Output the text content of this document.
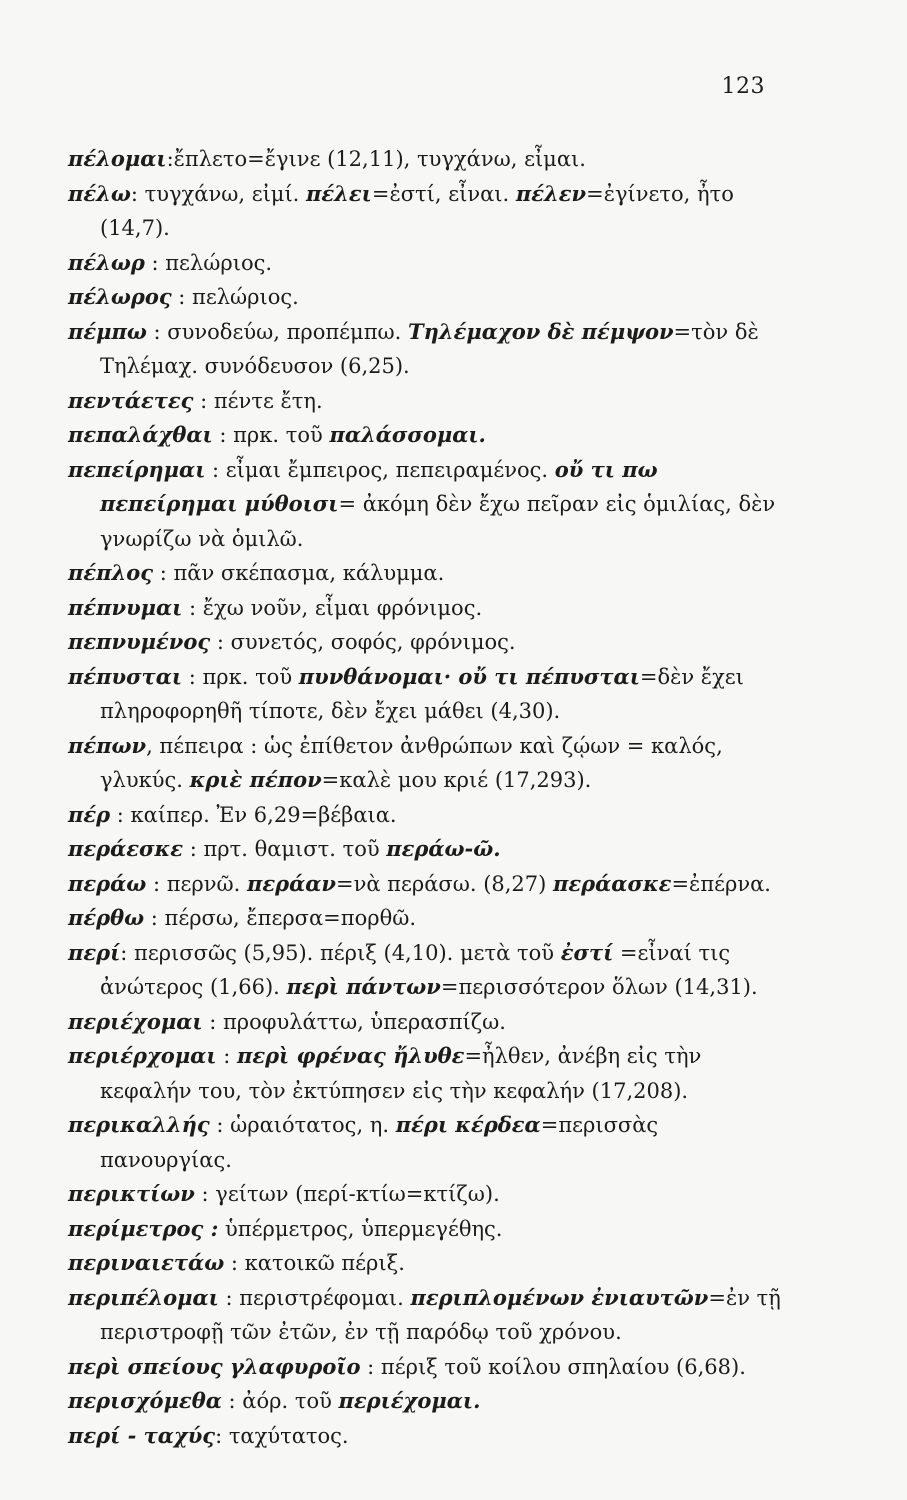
123

πέλομαι:ἔπλετο=ἔγινε (12,11), τυγχάνω, εἶμαι.

πέλω: τυγχάνω, εἰμί. πέλει=ἐστί, εἶναι. πέλεν=ἐγίνετο, ἦτο (14,7).

πέλωρ : πελώριος.

πέλωρος : πελώριος.

πέμπω : συνοδεύω, προπέμπω. Τηλέμαχον δὲ πέμψον=τὸν δὲ Τηλέμαχ. συνόδευσον (6,25).

πεντάετες : πέντε ἔτη.

πεπαλάχθαι : πρκ. τοῦ παλάσσομαι.

πεπείρημαι : εἶμαι ἔμπειρος, πεπειραμένος. οὔ τι πω πεπείρημαι μύθοισι= ἀκόμη δὲν ἔχω πεῖραν εἰς ὁμιλίας, δὲν γνωρίζω νὰ ὁμιλῶ.

πέπλος : πᾶν σκέπασμα, κάλυμμα.

πέπνυμαι : ἔχω νοῦν, εἶμαι φρόνιμος.

πεπνυμένος : συνετός, σοφός, φρόνιμος.

πέπυσται : πρκ. τοῦ πυνθάνομαι· οὔ τι πέπυσται=δὲν ἔχει πληροφορηθῆ τίποτε, δὲν ἔχει μάθει (4,30).

πέπων, πέπειρα : ὡς ἐπίθετον ἀνθρώπων καὶ ζῴων = καλός, γλυκύς. κριὲ πέπον=καλὲ μου κριέ (17,293).

πέρ : καίπερ. Ἐν 6,29=βέβαια.

περάεσκε : πρτ. θαμιστ. τοῦ περάω-ῶ.

περάω : περνῶ. περάαν=νὰ περάσω. (8,27) περάασκε=ἐπέρνα.

πέρθω : πέρσω, ἔπερσα=πορθῶ.

περί: περισσῶς (5,95). πέριξ (4,10). μετὰ τοῦ ἐστί =εἶναί τις ἀνώτερος (1,66). περὶ πάντων=περισσότερον ὅλων (14,31).

περιέχομαι : προφυλάττω, ὑπερασπίζω.

περιέρχομαι : περὶ φρένας ἤλυθε=ἦλθεν, ἀνέβη εἰς τὴν κεφαλήν του, τὸν ἐκτύπησεν εἰς τὴν κεφαλήν (17,208).

περικαλλής : ὡραιότατος, η. πέρι κέρδεα=περισσὰς πανουργίας.

περικτίων : γείτων (περί-κτίω=κτίζω).

περίμετρος : ὑπέρμετρος, ὑπερμεγέθης.

περιναιετάω : κατοικῶ πέριξ.

περιπέλομαι : περιστρέφομαι. περιπλομένων ἐνιαυτῶν=ἐν τῇ περιστροφῇ τῶν ἐτῶν, ἐν τῇ παρόδῳ τοῦ χρόνου.

περὶ σπείους γλαφυροῖο : πέριξ τοῦ κοίλου σπηλαίου (6,68).

περισχόμεθα : ἀόρ. τοῦ περιέχομαι.

περί - ταχύς: ταχύτατος.
